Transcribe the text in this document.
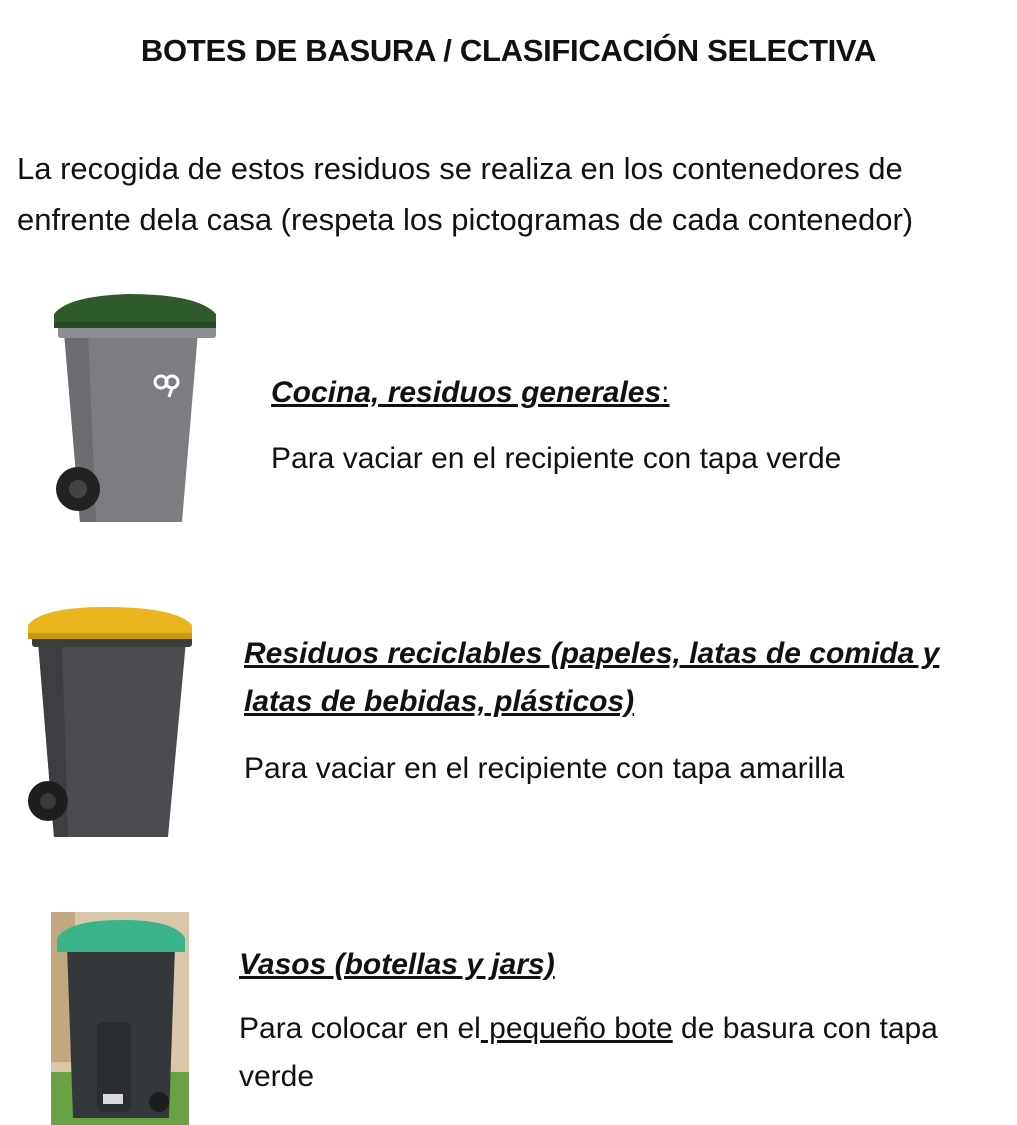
BOTES DE BASURA / CLASIFICACIÓN SELECTIVA
La recogida de estos residuos se realiza en los contenedores de enfrente dela casa (respeta los pictogramas de cada contenedor)
Cocina, residuos generales:
Para vaciar en el recipiente con tapa verde
Residuos reciclables (papeles, latas de comida y latas de bebidas, plásticos)
Para vaciar en el recipiente con tapa amarilla
Vasos (botellas y jars)
Para colocar en el pequeño bote de basura con tapa verde
